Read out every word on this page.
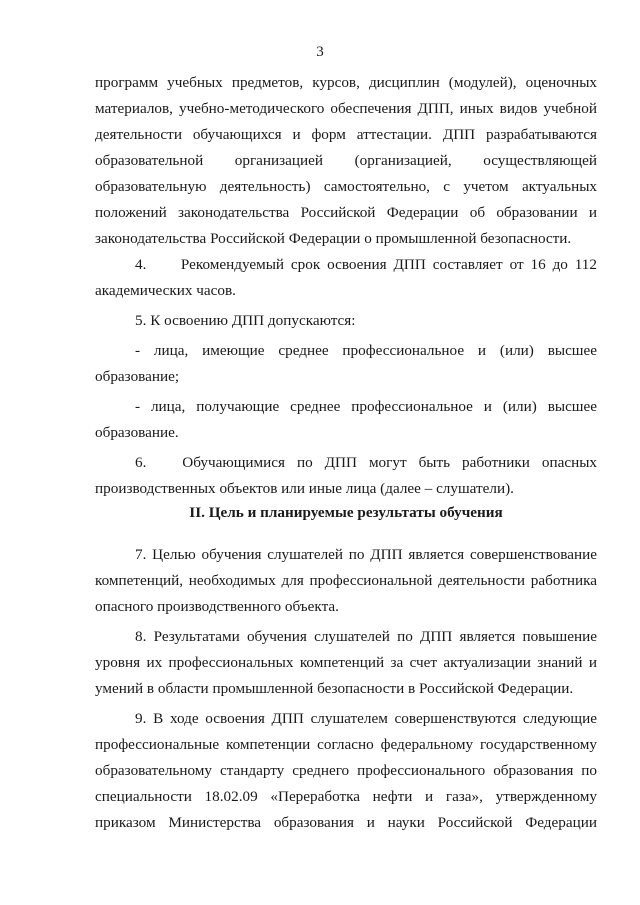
3

программ учебных предметов, курсов, дисциплин (модулей), оценочных материалов, учебно-методического обеспечения ДПП, иных видов учебной деятельности обучающихся и форм аттестации. ДПП разрабатываются образовательной организацией (организацией, осуществляющей образовательную деятельность) самостоятельно, с учетом актуальных положений законодательства Российской Федерации об образовании и законодательства Российской Федерации о промышленной безопасности.

4.     Рекомендуемый срок освоения ДПП составляет от 16 до 112 академических часов.

5. К освоению ДПП допускаются:

- лица, имеющие среднее профессиональное и (или) высшее образование;

- лица, получающие среднее профессиональное и (или) высшее образование.

6.   Обучающимися по ДПП могут быть работники опасных производственных объектов или иные лица (далее – слушатели).

II. Цель и планируемые результаты обучения

7. Целью обучения слушателей по ДПП является совершенствование компетенций, необходимых для профессиональной деятельности работника опасного производственного объекта.

8. Результатами обучения слушателей по ДПП является повышение уровня их профессиональных компетенций за счет актуализации знаний и умений в области промышленной безопасности в Российской Федерации.

9. В ходе освоения ДПП слушателем совершенствуются следующие профессиональные компетенции согласно федеральному государственному образовательному стандарту среднего профессионального образования по специальности 18.02.09 «Переработка нефти и газа», утвержденному приказом Министерства образования и науки Российской Федерации
